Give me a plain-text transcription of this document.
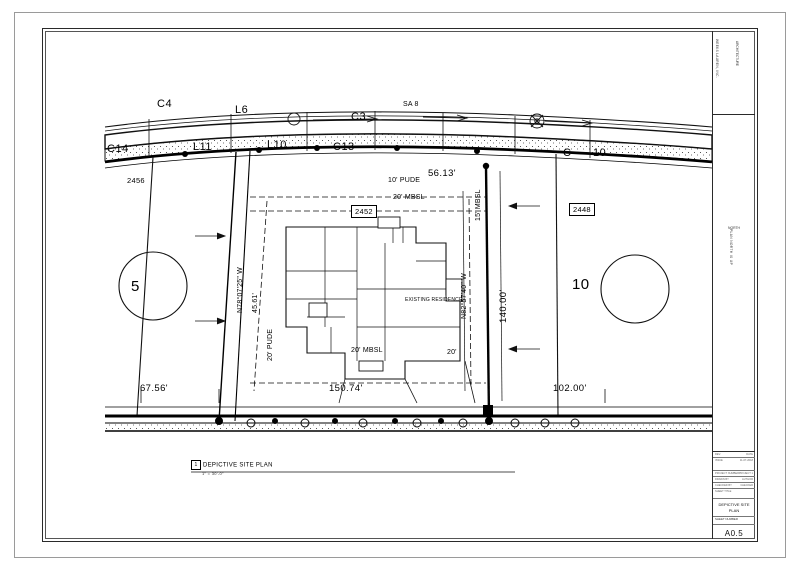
C4	L6
C3
SA 8
C14	L11	L10	C13	C 10
2452	2448
2456
5	10
10' PUDE
20' MBSL
20' MBSL
20' PUDE
15' MBSL
20'
N78°07'25" W 45.61'	N82°57'40" W	140.00'
56.13'
67.56'	150.74'	102.00'
EXISTING RESIDENCE
1 DEPICTIVE SITE PLAN
1" = 30'-0"
WEEKS LAUREN, INC.	ARCHITECTURE
PLAN NORTH IS UP
NORTH
REV.	DATE
ISSUE	11-07-2018
PROJECT NUMBER PROJECT 1
DRAWN BY	AUTHOR
CHECKED BY	CHECKER
SHEET TITLE
DEPICTIVE SITE PLAN
SHEET NUMBER
A0.5
